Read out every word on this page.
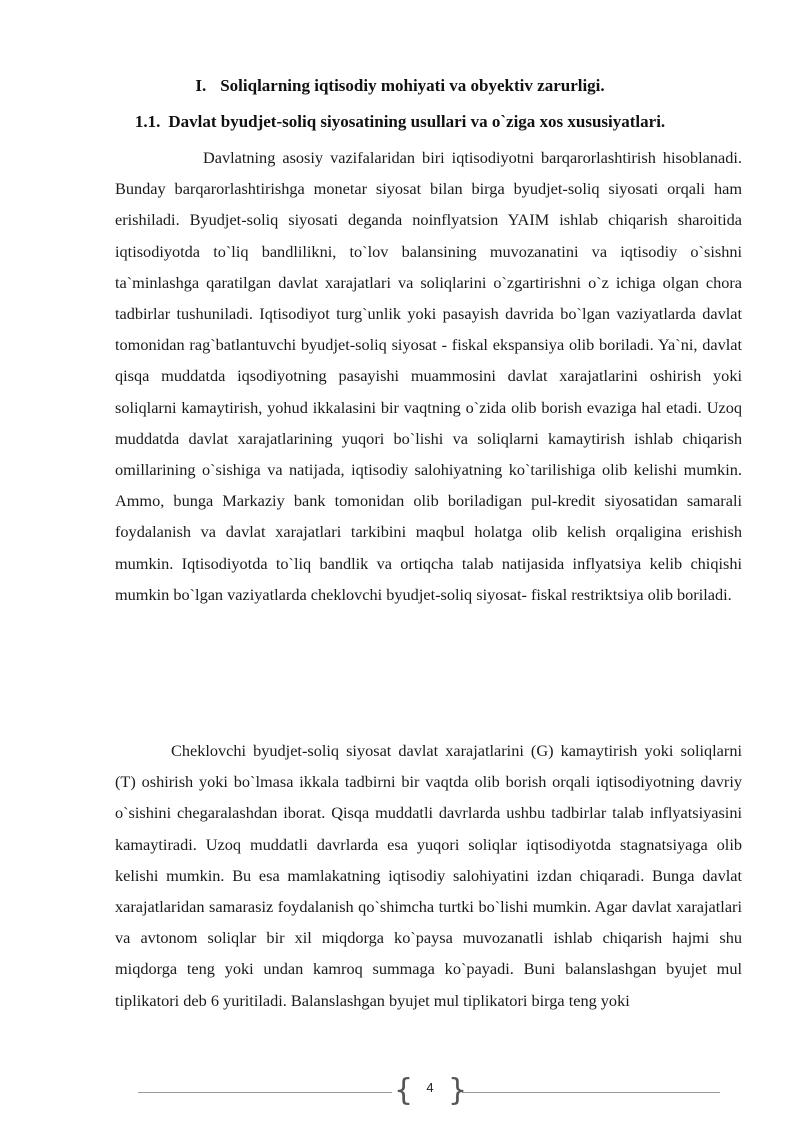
I. Soliqlarning iqtisodiy mohiyati va obyektiv zarurligi.
1.1. Davlat byudjet-soliq siyosatining usullari va o`ziga xos xususiyatlari.

Davlatning asosiy vazifalaridan biri iqtisodiyotni barqarorlashtirish hisoblanadi. Bunday barqarorlashtirishga monetar siyosat bilan birga byudjet-soliq siyosati orqali ham erishiladi. Byudjet-soliq siyosati deganda noinflyatsion YAIM ishlab chiqarish sharoitida iqtisodiyotda to`liq bandlilikni, to`lov balansining muvozanatini va iqtisodiy o`sishni ta`minlashga qaratilgan davlat xarajatlari va soliqlarini o`zgartirishni o`z ichiga olgan chora tadbirlar tushuniladi. Iqtisodiyot turg`unlik yoki pasayish davrida bo`lgan vaziyatlarda davlat tomonidan rag`batlantuvchi byudjet-soliq siyosat - fiskal ekspansiya olib boriladi. Ya`ni, davlat qisqa muddatda iqsodiyotning pasayishi muammosini davlat xarajatlarini oshirish yoki soliqlarni kamaytirish, yohud ikkalasini bir vaqtning o`zida olib borish evaziga hal etadi. Uzoq muddatda davlat xarajatlarining yuqori bo`lishi va soliqlarni kamaytirish ishlab chiqarish omillarining o`sishiga va natijada, iqtisodiy salohiyatning ko`tarilishiga olib kelishi mumkin. Ammo, bunga Markaziy bank tomonidan olib boriladigan pul-kredit siyosatidan samarali foydalanish va davlat xarajatlari tarkibini maqbul holatga olib kelish orqaligina erishish mumkin. Iqtisodiyotda to`liq bandlik va ortiqcha talab natijasida inflyatsiya kelib chiqishi mumkin bo`lgan vaziyatlarda cheklovchi byudjet-soliq siyosat- fiskal restriktsiya olib boriladi.

Cheklovchi byudjet-soliq siyosat davlat xarajatlarini (G) kamaytirish yoki soliqlarni (T) oshirish yoki bo`lmasa ikkala tadbirni bir vaqtda olib borish orqali iqtisodiyotning davriy o`sishini chegaralashdan iborat. Qisqa muddatli davrlarda ushbu tadbirlar talab inflyatsiyasini kamaytiradi. Uzoq muddatli davrlarda esa yuqori soliqlar iqtisodiyotda stagnatsiyaga olib kelishi mumkin. Bu esa mamlakatning iqtisodiy salohiyatini izdan chiqaradi. Bunga davlat xarajatlaridan samarasiz foydalanish qo`shimcha turtki bo`lishi mumkin. Agar davlat xarajatlari va avtonom soliqlar bir xil miqdorga ko`paysa muvozanatli ishlab chiqarish hajmi shu miqdorga teng yoki undan kamroq summaga ko`payadi. Buni balanslashgan byujet mul tiplikatori deb 6 yuritiladi. Balanslashgan byujet mul tiplikatori birga teng yoki

{ }
4
